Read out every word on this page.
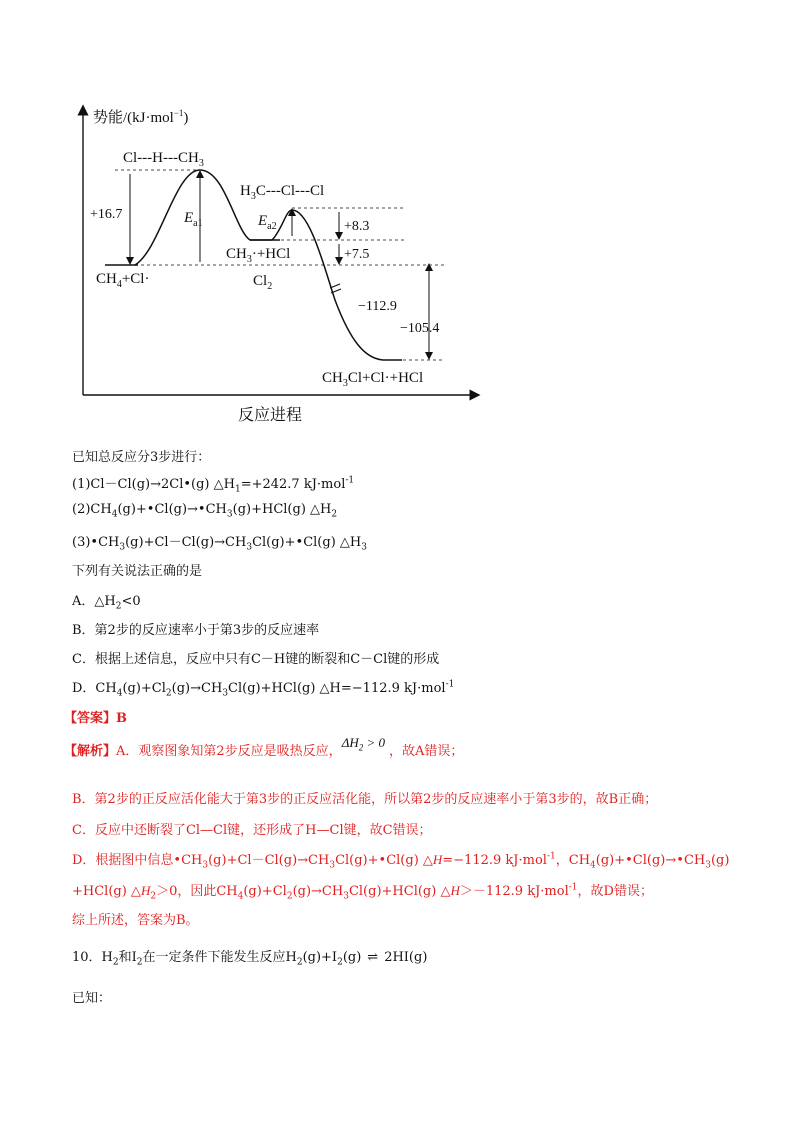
势能/(kJ·mol$^{-1}$)
反应进程
$Cl---H---CH_3$
$H_3C---Cl---Cl$
$CH_4+Cl\cdot$
$CH_3\cdot+HCl$
$Cl_2$
$CH_3Cl+Cl\cdot+HCl$
+16.7	$E_{a1}$	$E_{a2}$	+8.3
+7.5
−112.9
−105.4
已知总反应分3步进行：
(1)Cl－Cl(g)→2Cl•(g) $\triangle H_1=+242.7$ kJ·mol$^{-1}$
$(2)CH_4(g)+•Cl(g)\to•CH_3(g)+HCl(g)$ $\triangle H_2$
$(3)•CH_3(g)+Cl-Cl(g)\to CH_3Cl(g)+•Cl(g)$ $\triangle H_3$
下列有关说法正确的是
A．$\triangle H_2<0$
B．第2步的反应速率小于第3步的反应速率
C．根据上述信息，反应中只有C－H键的断裂和C－Cl键的形成
D．$CH_4(g)+Cl_2(g)\to CH_3Cl(g)+HCl(g)$ △H=−112.9 kJ·mol$^{-1}$
【答案】B
【解析】A．观察图象知第2步反应是吸热反应，$\Delta H_2 > 0$，故A错误；
B．第2步的正反应活化能大于第3步的正反应活化能，所以第2步的反应速率小于第3步的，故B正确；
C．反应中还断裂了Cl—Cl键，还形成了H—Cl键，故C错误；
D．根据图中信息$•CH_3(g)+Cl-Cl(g)\to CH_3Cl(g)+•Cl(g)$ △H=−112.9 kJ·mol$^{-1}$，$CH_4(g)+•Cl(g)\to•CH_3(g)$
+HCl(g) $\triangle H_2>0$，因此$CH_4(g)+Cl_2(g)\to CH_3Cl(g)+HCl(g)$ △H＞－112.9 kJ·mol$^{-1}$，故D错误；
综上所述，答案为B。
10．$H_2$和$I_2$在一定条件下能发生反应$H_2(g)+I_2(g)$ ⇌ 2HI(g)
已知：
